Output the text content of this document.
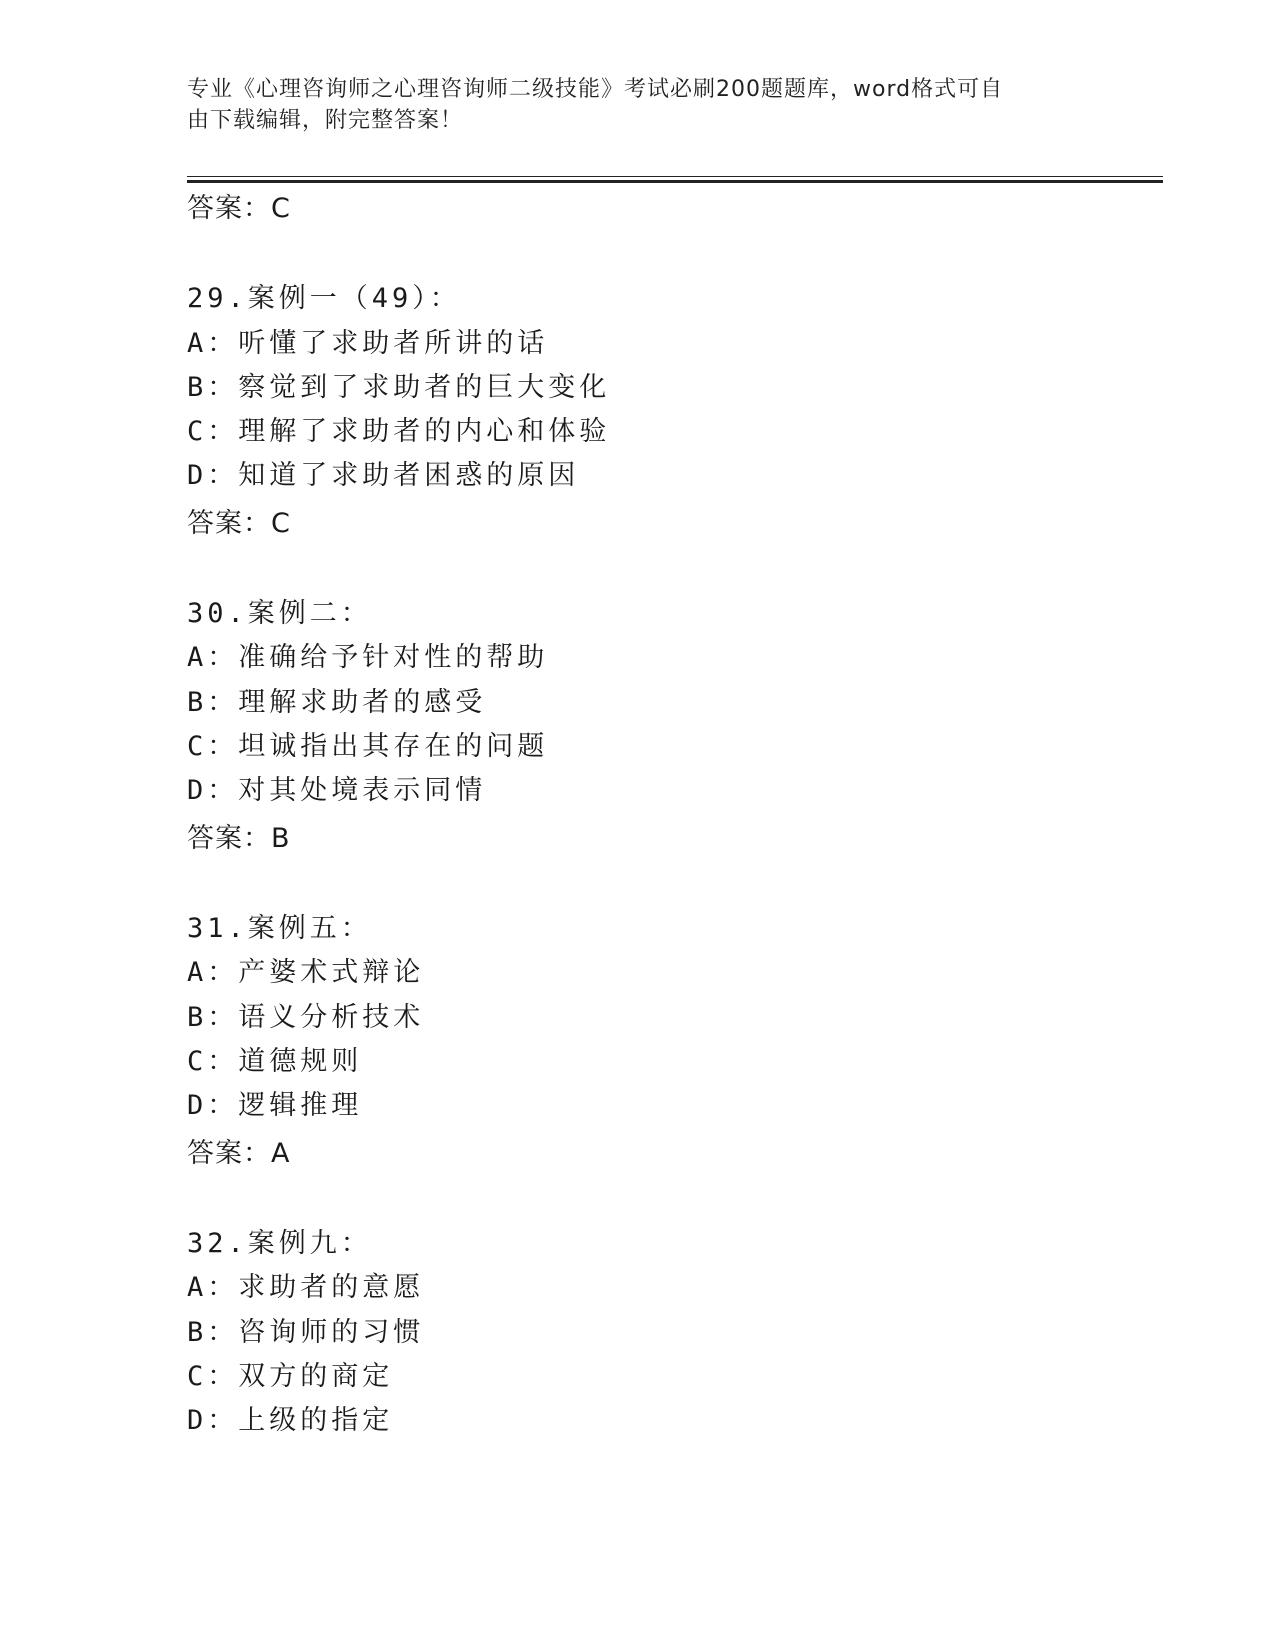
专业《心理咨询师之心理咨询师二级技能》考试必刷200题题库，word格式可自
由下载编辑，附完整答案！
答案：C
29.案例一（49）：
A：听懂了求助者所讲的话
B：察觉到了求助者的巨大变化
C：理解了求助者的内心和体验
D：知道了求助者困惑的原因
答案：C
30.案例二：
A：准确给予针对性的帮助
B：理解求助者的感受
C：坦诚指出其存在的问题
D：对其处境表示同情
答案：B
31.案例五：
A：产婆术式辩论
B：语义分析技术
C：道德规则
D：逻辑推理
答案：A
32.案例九：
A：求助者的意愿
B：咨询师的习惯
C：双方的商定
D：上级的指定
